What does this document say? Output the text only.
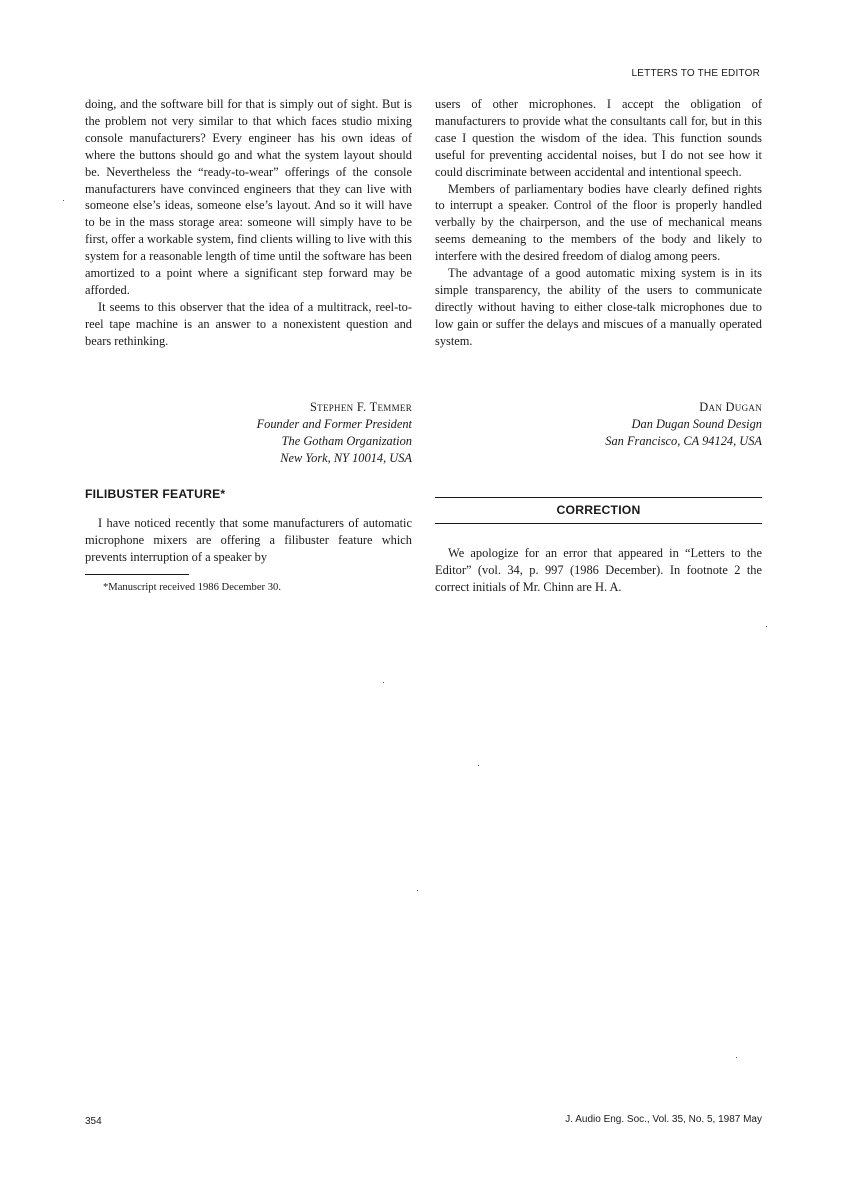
LETTERS TO THE EDITOR

doing, and the software bill for that is simply out of sight. But is the problem not very similar to that which faces studio mixing console manufacturers? Every engineer has his own ideas of where the buttons should go and what the system layout should be. Nevertheless the “ready-to-wear” offerings of the console manufacturers have convinced engineers that they can live with someone else’s ideas, someone else’s layout. And so it will have to be in the mass storage area: someone will simply have to be first, offer a workable system, find clients willing to live with this system for a reasonable length of time until the software has been amortized to a point where a significant step forward may be afforded.

It seems to this observer that the idea of a multitrack, reel-to-reel tape machine is an answer to a nonexistent question and bears rethinking.

Stephen F. Temmer
Founder and Former President
The Gotham Organization
New York, NY 10014, USA
FILIBUSTER FEATURE*

I have noticed recently that some manufacturers of automatic microphone mixers are offering a filibuster feature which prevents interruption of a speaker by

*Manuscript received 1986 December 30.

users of other microphones. I accept the obligation of manufacturers to provide what the consultants call for, but in this case I question the wisdom of the idea. This function sounds useful for preventing accidental noises, but I do not see how it could discriminate between accidental and intentional speech.

Members of parliamentary bodies have clearly defined rights to interrupt a speaker. Control of the floor is properly handled verbally by the chairperson, and the use of mechanical means seems demeaning to the members of the body and likely to interfere with the desired freedom of dialog among peers.

The advantage of a good automatic mixing system is in its simple transparency, the ability of the users to communicate directly without having to either close-talk microphones due to low gain or suffer the delays and miscues of a manually operated system.

Dan Dugan
Dan Dugan Sound Design
San Francisco, CA 94124, USA
CORRECTION

We apologize for an error that appeared in “Letters to the Editor” (vol. 34, p. 997 (1986 December). In footnote 2 the correct initials of Mr. Chinn are H. A.

354	J. Audio Eng. Soc., Vol. 35, No. 5, 1987 May
